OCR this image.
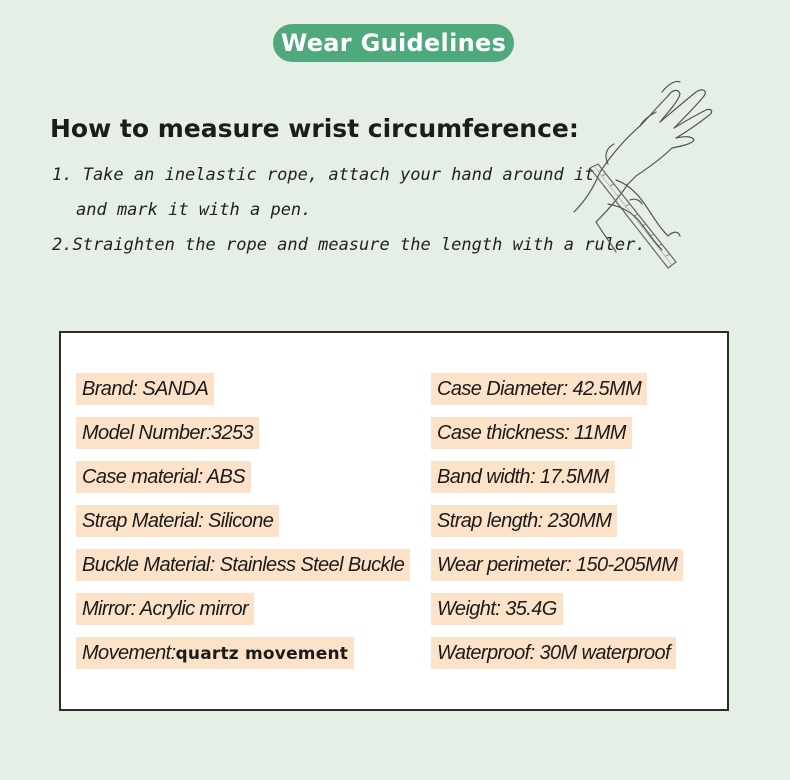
Wear Guidelines
How to measure wrist circumference:
1. Take an inelastic rope, attach your hand around it
and mark it with a pen.
2.Straighten the rope and measure the length with a ruler.
Brand: SANDA
Model Number:3253
Case material: ABS
Strap Material: Silicone
Buckle Material: Stainless Steel Buckle
Mirror: Acrylic mirror
Movement:quartz movement
Case Diameter: 42.5MM
Case thickness: 11MM
Band width: 17.5MM
Strap length: 230MM
Wear perimeter: 150-205MM
Weight: 35.4G
Waterproof: 30M waterproof
